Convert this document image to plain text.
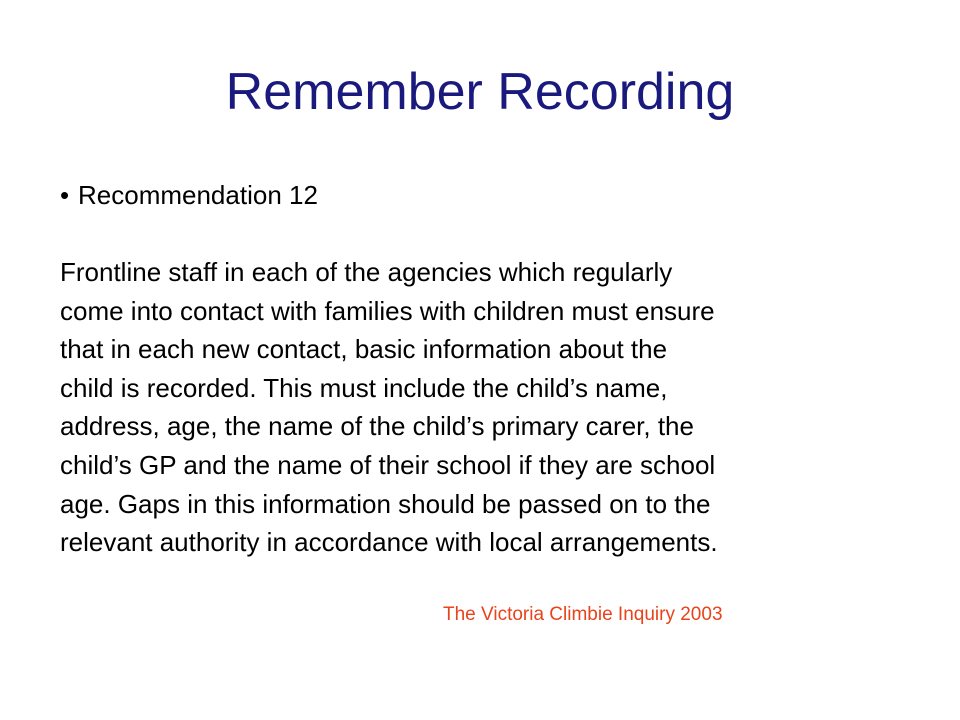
Remember Recording
• Recommendation 12
Frontline staff in each of the agencies which regularly
come into contact with families with children must ensure
that in each new contact, basic information about the
child is recorded. This must include the child’s name,
address, age, the name of the child’s primary carer, the
child’s GP and the name of their school if they are school
age. Gaps in this information should be passed on to the
relevant authority in accordance with local arrangements.
The Victoria Climbie Inquiry 2003
